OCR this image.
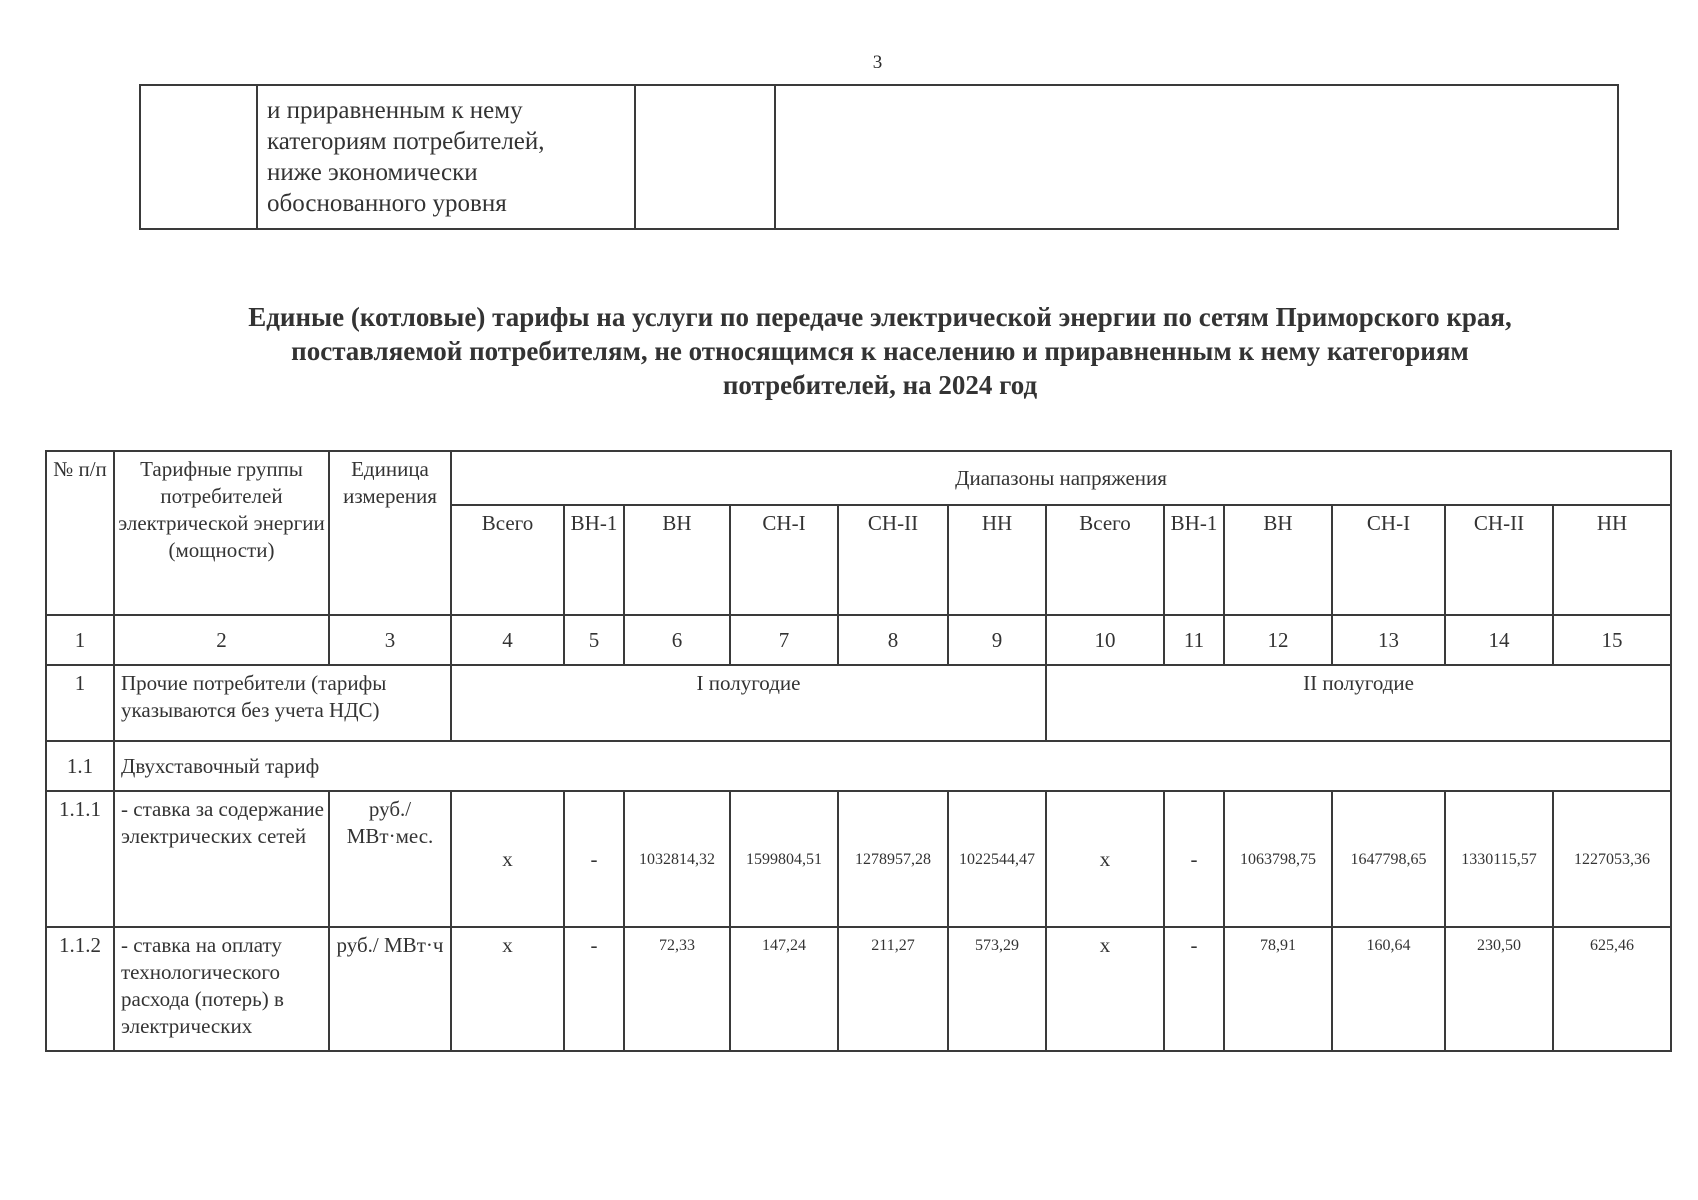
3

и приравненным к нему
категориям потребителей,
ниже экономически
обоснованного уровня

Единые (котловые) тарифы на услуги по передаче электрической энергии по сетям Приморского края,
поставляемой потребителям, не относящимся к населению и приравненным к нему категориям
потребителей, на 2024 год
№ п/п	Тарифные группы потребителей электрической энергии (мощности)	Единица измерения	Диапазоны напряжения											
			Всего	ВН-1	ВН	СН-I	СН-II	НН	Всего	ВН-1	ВН	СН-I	СН-II	НН
1	2	3	4	5	6	7	8	9	10	11	12	13	14	15
1	Прочие потребители (тарифы указываются без учета НДС)		I полугодие						II полугодие					
1.1	Двухставочный тариф													
1.1.1	- ставка за содержание электрических сетей	руб./ МВт·мес.	x	-	1032814,32	1599804,51	1278957,28	1022544,47	x	-	1063798,75	1647798,65	1330115,57	1227053,36
1.1.2	- ставка на оплату технологического расхода (потерь) в электрических	руб./ МВт·ч	x	-	72,33	147,24	211,27	573,29	x	-	78,91	160,64	230,50	625,46
